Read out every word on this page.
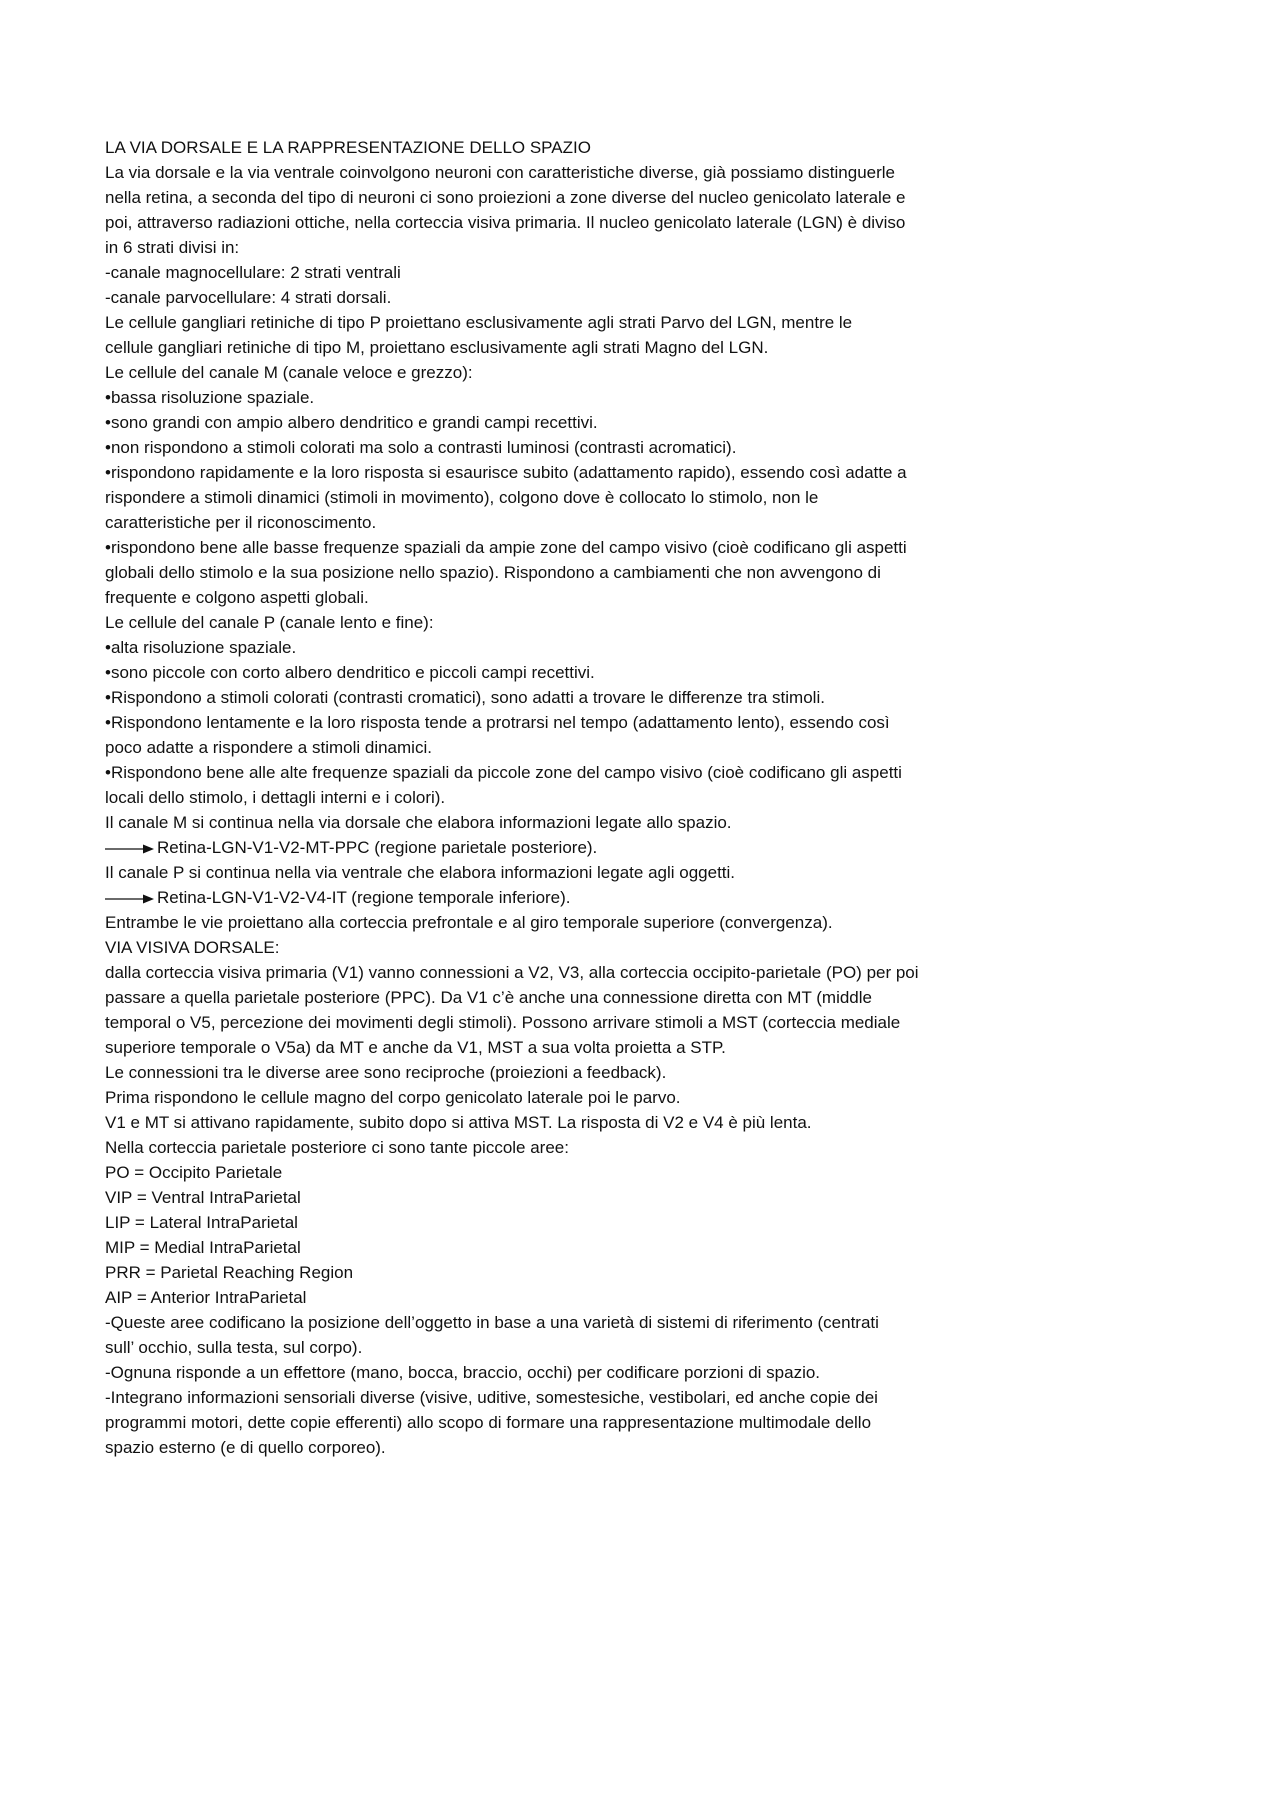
LA VIA DORSALE E LA RAPPRESENTAZIONE DELLO SPAZIO
La via dorsale e la via ventrale coinvolgono neuroni con caratteristiche diverse, già possiamo distinguerle
nella retina, a seconda del tipo di neuroni ci sono proiezioni a zone diverse del nucleo genicolato laterale e
poi, attraverso radiazioni ottiche, nella corteccia visiva primaria. Il nucleo genicolato laterale (LGN) è diviso
in 6 strati divisi in:
-canale magnocellulare: 2 strati ventrali
-canale parvocellulare: 4 strati dorsali.
Le cellule gangliari retiniche di tipo P proiettano esclusivamente agli strati Parvo del LGN, mentre le
cellule gangliari retiniche di tipo M, proiettano esclusivamente agli strati Magno del LGN.
Le cellule del canale M (canale veloce e grezzo):
•bassa risoluzione spaziale.
•sono grandi con ampio albero dendritico e grandi campi recettivi.
•non rispondono a stimoli colorati ma solo a contrasti luminosi (contrasti acromatici).
•rispondono rapidamente e la loro risposta si esaurisce subito (adattamento rapido), essendo così adatte a
rispondere a stimoli dinamici (stimoli in movimento), colgono dove è collocato lo stimolo, non le
caratteristiche per il riconoscimento.
•rispondono bene alle basse frequenze spaziali da ampie zone del campo visivo (cioè codificano gli aspetti
globali dello stimolo e la sua posizione nello spazio). Rispondono a cambiamenti che non avvengono di
frequente e colgono aspetti globali.
Le cellule del canale P (canale lento e fine):
•alta risoluzione spaziale.
•sono piccole con corto albero dendritico e piccoli campi recettivi.
•Rispondono a stimoli colorati (contrasti cromatici), sono adatti a trovare le differenze tra stimoli.
•Rispondono lentamente e la loro risposta tende a protrarsi nel tempo (adattamento lento), essendo così
poco adatte a rispondere a stimoli dinamici.
•Rispondono bene alle alte frequenze spaziali da piccole zone del campo visivo (cioè codificano gli aspetti
locali dello stimolo, i dettagli interni e i colori).
Il canale M si continua nella via dorsale che elabora informazioni legate allo spazio.
Retina-LGN-V1-V2-MT-PPC (regione parietale posteriore).
Il canale P si continua nella via ventrale che elabora informazioni legate agli oggetti.
Retina-LGN-V1-V2-V4-IT (regione temporale inferiore).
Entrambe le vie proiettano alla corteccia prefrontale e al giro temporale superiore (convergenza).
VIA VISIVA DORSALE:
dalla corteccia visiva primaria (V1) vanno connessioni a V2, V3, alla corteccia occipito-parietale (PO) per poi
passare a quella parietale posteriore (PPC). Da V1 c’è anche una connessione diretta con MT (middle
temporal o V5, percezione dei movimenti degli stimoli). Possono arrivare stimoli a MST (corteccia mediale
superiore temporale o V5a) da MT e anche da V1, MST a sua volta proietta a STP.
Le connessioni tra le diverse aree sono reciproche (proiezioni a feedback).
Prima rispondono le cellule magno del corpo genicolato laterale poi le parvo.
V1 e MT si attivano rapidamente, subito dopo si attiva MST. La risposta di V2 e V4 è più lenta.
Nella corteccia parietale posteriore ci sono tante piccole aree:
PO = Occipito Parietale
VIP = Ventral IntraParietal
LIP = Lateral IntraParietal
MIP = Medial IntraParietal
PRR = Parietal Reaching Region
AIP = Anterior IntraParietal
-Queste aree codificano la posizione dell’oggetto in base a una varietà di sistemi di riferimento (centrati
sull’ occhio, sulla testa, sul corpo).
-Ognuna risponde a un effettore (mano, bocca, braccio, occhi) per codificare porzioni di spazio.
-Integrano informazioni sensoriali diverse (visive, uditive, somestesiche, vestibolari, ed anche copie dei
programmi motori, dette copie efferenti) allo scopo di formare una rappresentazione multimodale dello
spazio esterno (e di quello corporeo).
